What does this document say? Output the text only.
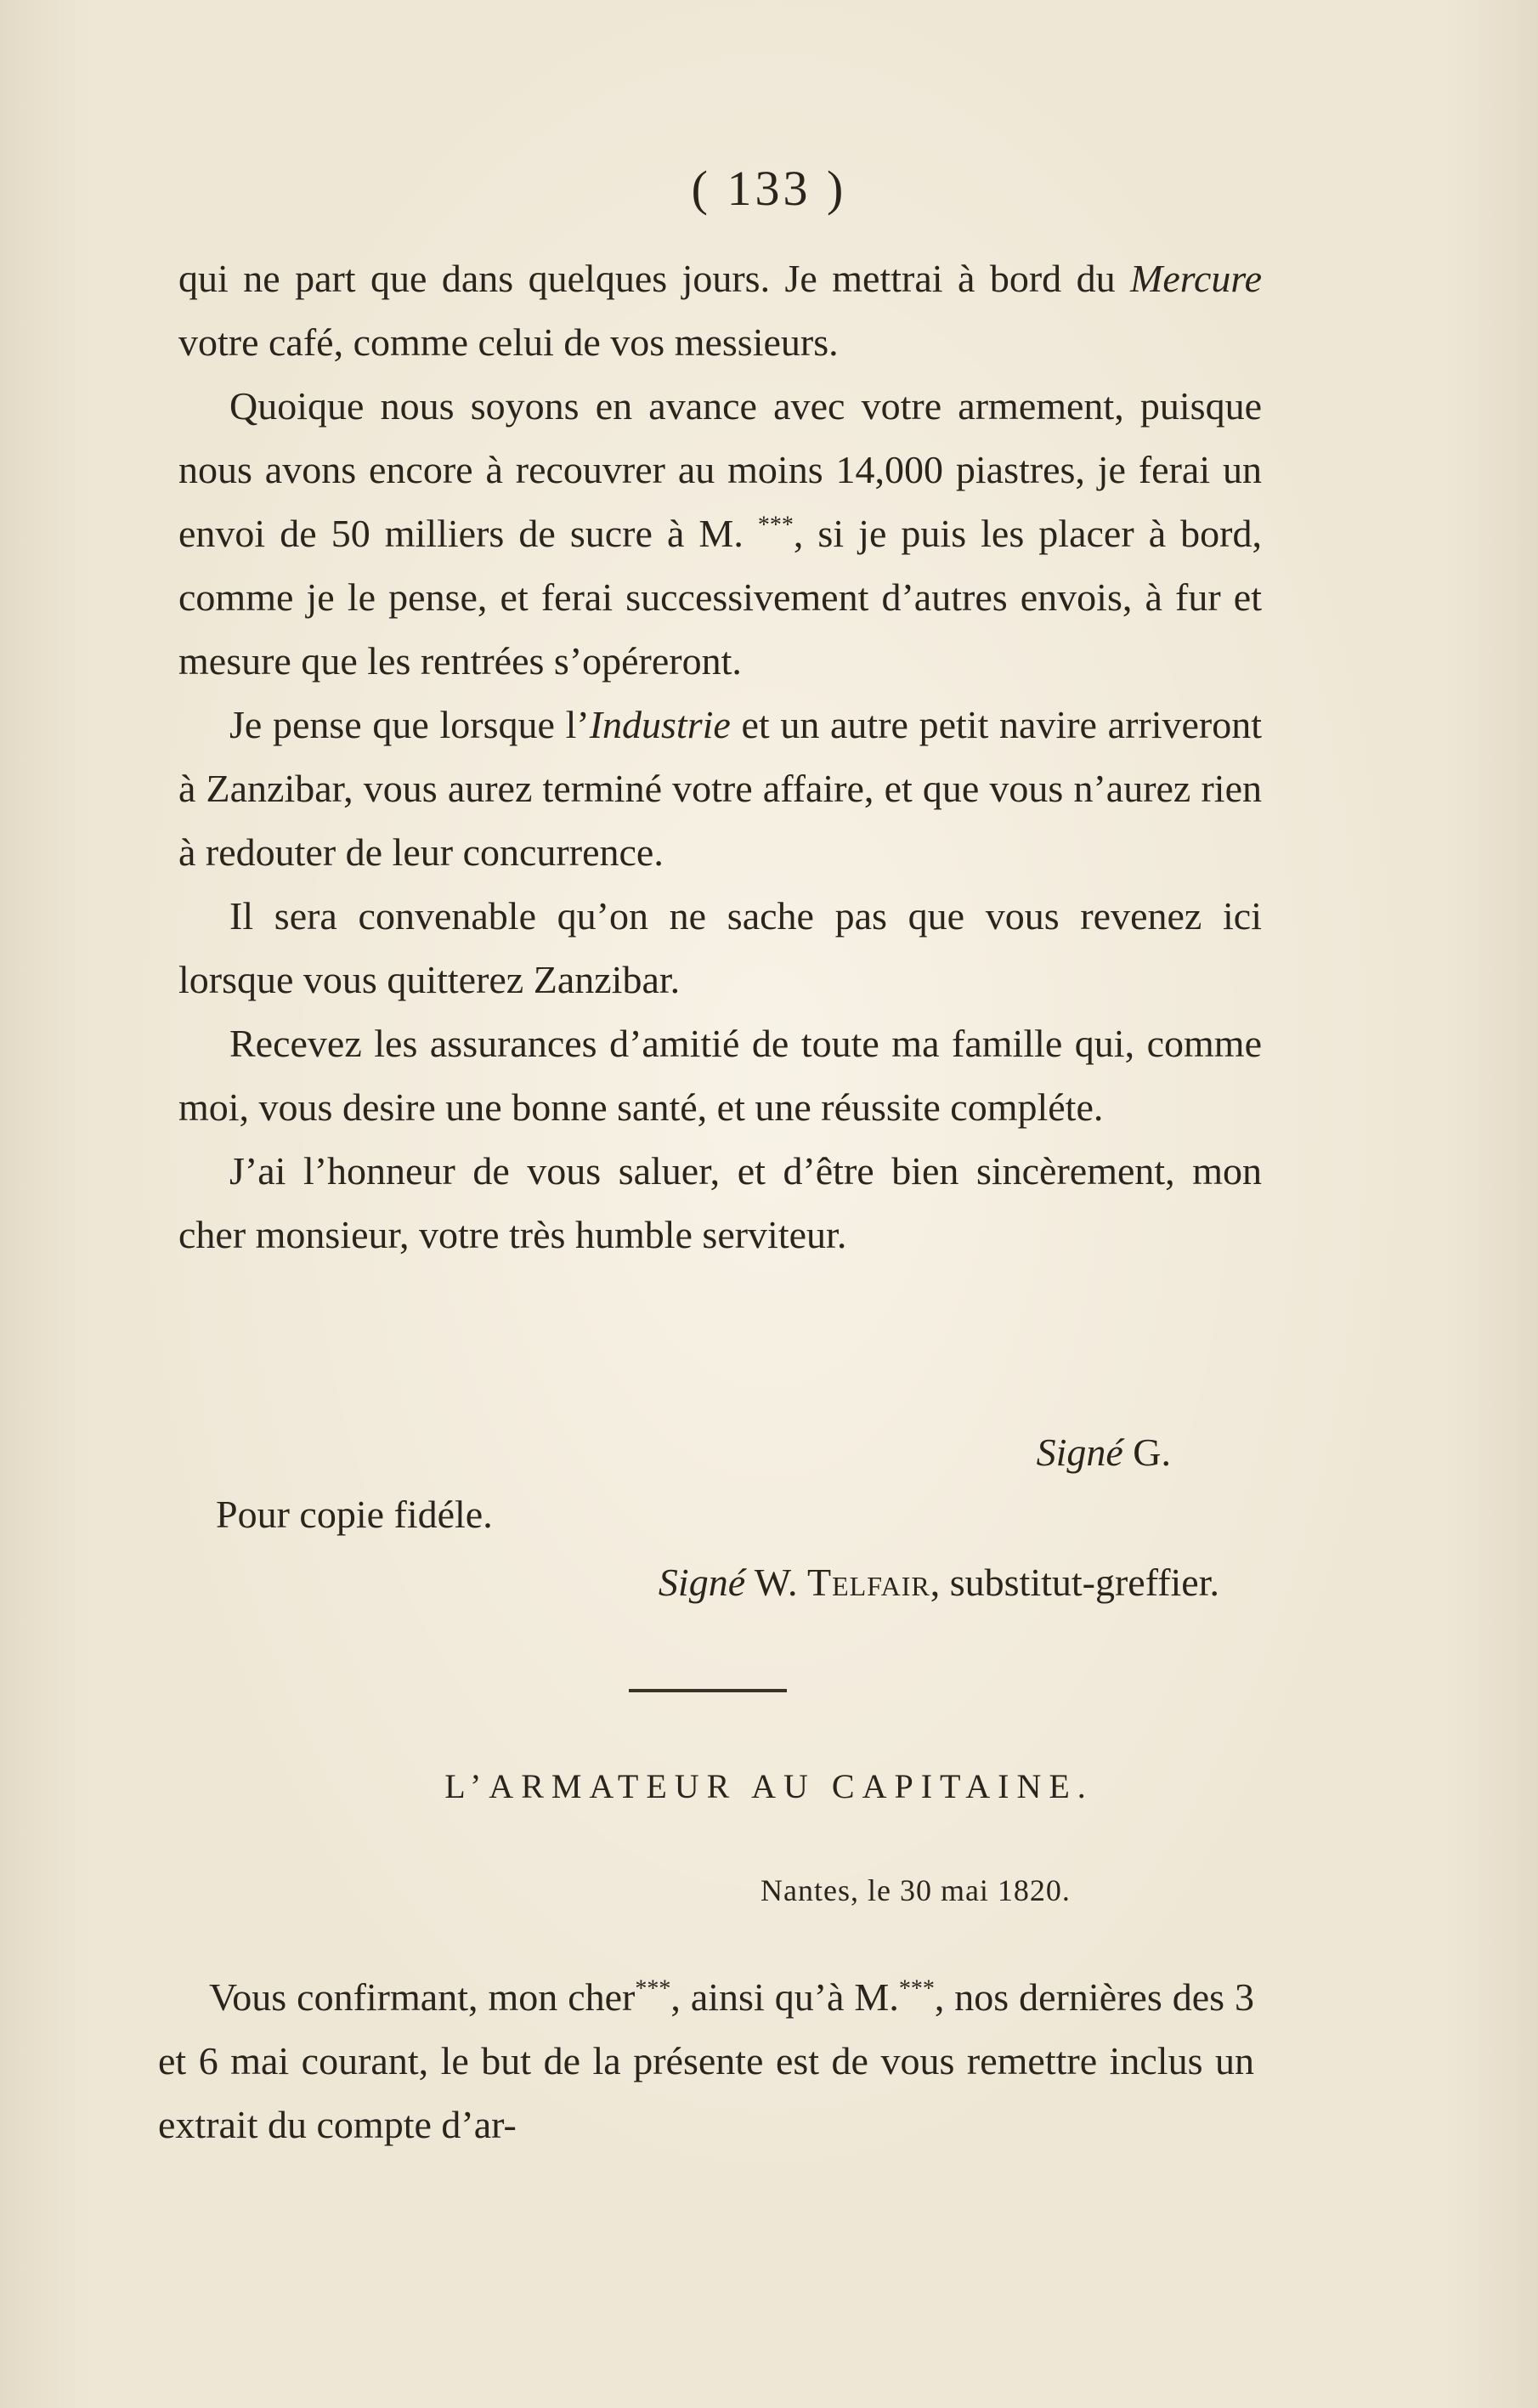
( 133 )

qui ne part que dans quelques jours. Je mettrai à bord du Mercure votre café, comme celui de vos messieurs.

Quoique nous soyons en avance avec votre armement, puisque nous avons encore à recouvrer au moins 14,000 piastres, je ferai un envoi de 50 milliers de sucre à M. ***, si je puis les placer à bord, comme je le pense, et ferai successivement d’autres envois, à fur et mesure que les rentrées s’opéreront.

Je pense que lorsque l’Industrie et un autre petit navire arriveront à Zanzibar, vous aurez terminé votre affaire, et que vous n’aurez rien à redouter de leur concurrence.

Il sera convenable qu’on ne sache pas que vous revenez ici lorsque vous quitterez Zanzibar.

Recevez les assurances d’amitié de toute ma famille qui, comme moi, vous desire une bonne santé, et une réussite compléte.

J’ai l’honneur de vous saluer, et d’être bien sincèrement, mon cher monsieur, votre très humble serviteur.

Signé G.
Pour copie fidéle.
Signé W. Telfair, substitut-greffier.
L’ARMATEUR AU CAPITAINE.
Nantes, le 30 mai 1820.

Vous confirmant, mon cher***, ainsi qu’à M.***, nos dernières des 3 et 6 mai courant, le but de la présente est de vous remettre inclus un extrait du compte d’ar-
